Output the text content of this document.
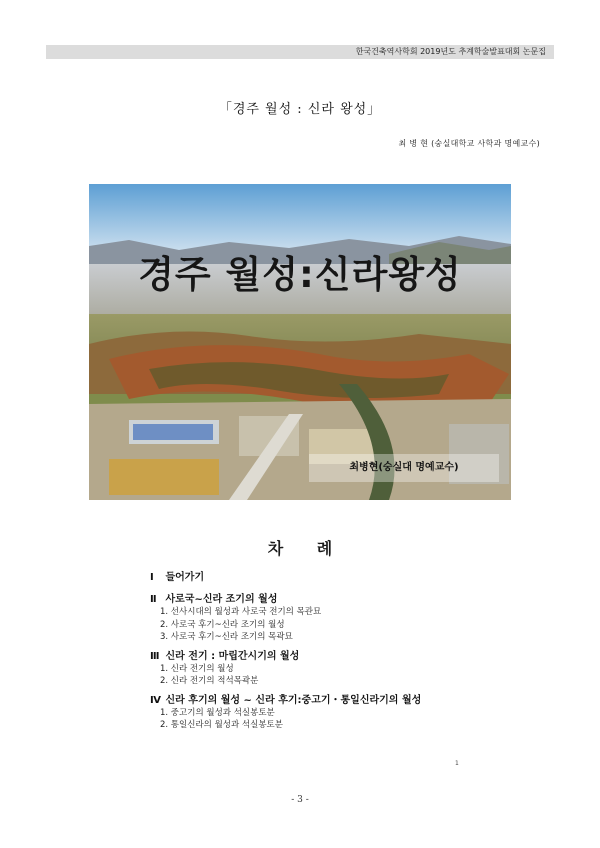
한국건축역사학회 2019년도 추계학술발표대회 논문집
「경주 월성 : 신라 왕성」
최 병 현 (숭실대학교 사학과 명예교수)
경주 월성:신라왕성
최병현(숭실대 명예교수)
차 례
Ⅰ 들어가기
Ⅱ 사로국~신라 조기의 월성
1. 선사시대의 월성과 사로국 전기의 목관묘
2. 사로국 후기~신라 조기의 월성
3. 사로국 후기~신라 조기의 목곽묘
Ⅲ 신라 전기 : 마립간시기의 월성
1. 신라 전기의 월성
2. 신라 전기의 적석목곽분
Ⅳ 신라 후기의 월성 ~ 신라 후기:중고기・통일신라기의 월성
1. 중고기의 월성과 석실봉토분
2. 통일신라의 월성과 석실봉토분
1
- 3 -
